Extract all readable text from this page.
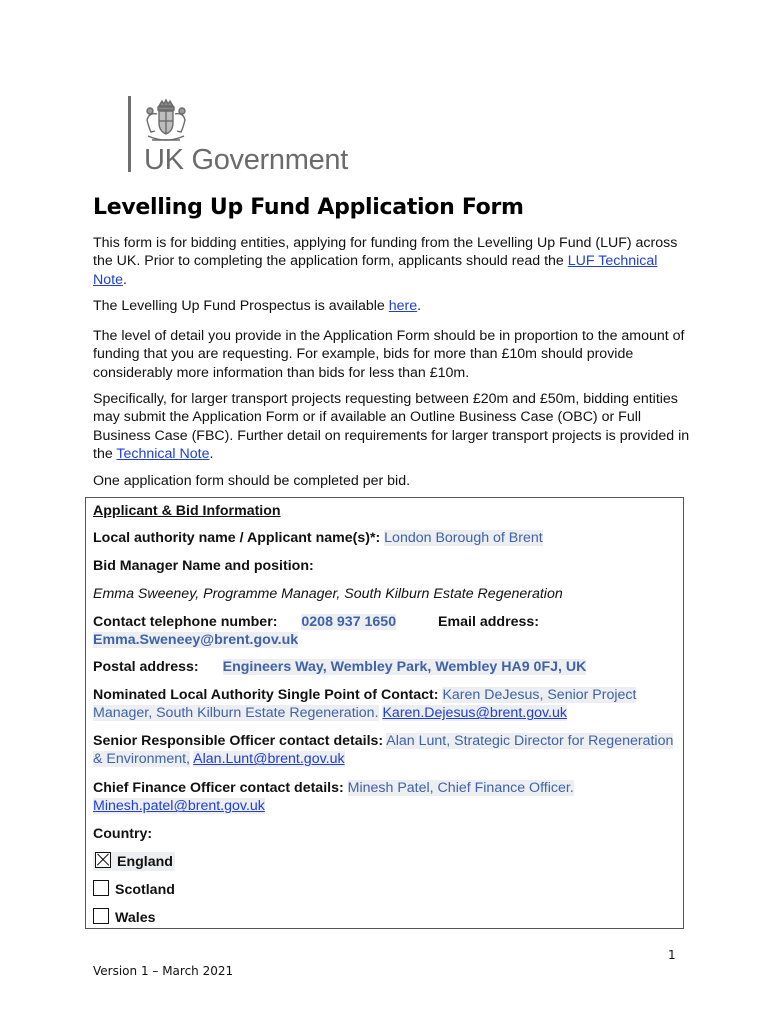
UK Government
Levelling Up Fund Application Form

This form is for bidding entities, applying for funding from the Levelling Up Fund (LUF) across the UK. Prior to completing the application form, applicants should read the LUF Technical Note.

The Levelling Up Fund Prospectus is available here.

The level of detail you provide in the Application Form should be in proportion to the amount of funding that you are requesting. For example, bids for more than £10m should provide considerably more information than bids for less than £10m.

Specifically, for larger transport projects requesting between £20m and £50m, bidding entities may submit the Application Form or if available an Outline Business Case (OBC) or Full Business Case (FBC). Further detail on requirements for larger transport projects is provided in the Technical Note.

One application form should be completed per bid.

Applicant & Bid Information
Local authority name / Applicant name(s)*: London Borough of Brent
Bid Manager Name and position:
Emma Sweeney, Programme Manager, South Kilburn Estate Regeneration
Contact telephone number: 0208 937 1650	Email address:
Emma.Sweneey@brent.gov.uk
Postal address: Engineers Way, Wembley Park, Wembley HA9 0FJ, UK
Nominated Local Authority Single Point of Contact: Karen DeJesus, Senior Project Manager, South Kilburn Estate Regeneration. Karen.Dejesus@brent.gov.uk
Senior Responsible Officer contact details: Alan Lunt, Strategic Director for Regeneration & Environment, Alan.Lunt@brent.gov.uk
Chief Finance Officer contact details: Minesh Patel, Chief Finance Officer.
Minesh.patel@brent.gov.uk
Country:
England
Scotland
Wales
1
Version 1 – March 2021
